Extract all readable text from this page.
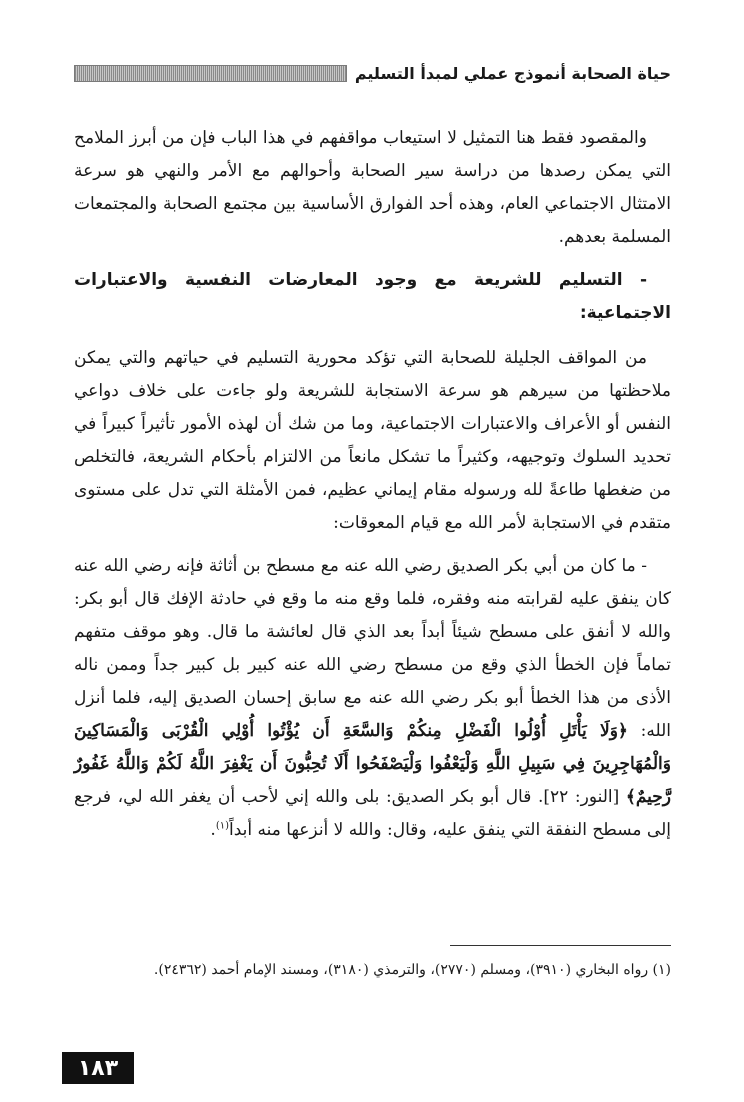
حياة الصحابة أنموذج عملي لمبدأ التسليم

والمقصود فقط هنا التمثيل لا استيعاب مواقفهم في هذا الباب فإن من أبرز الملامح التي يمكن رصدها من دراسة سير الصحابة وأحوالهم مع الأمر والنهي هو سرعة الامتثال الاجتماعي العام، وهذه أحد الفوارق الأساسية بين مجتمع الصحابة والمجتمعات المسلمة بعدهم.

- التسليم للشريعة مع وجود المعارضات النفسية والاعتبارات الاجتماعية:

من المواقف الجليلة للصحابة التي تؤكد محورية التسليم في حياتهم والتي يمكن ملاحظتها من سيرهم هو سرعة الاستجابة للشريعة ولو جاءت على خلاف دواعي النفس أو الأعراف والاعتبارات الاجتماعية، وما من شك أن لهذه الأمور تأثيراً كبيراً في تحديد السلوك وتوجيهه، وكثيراً ما تشكل مانعاً من الالتزام بأحكام الشريعة، فالتخلص من ضغطها طاعةً لله ورسوله مقام إيماني عظيم، فمن الأمثلة التي تدل على مستوى متقدم في الاستجابة لأمر الله مع قيام المعوقات:

- ما كان من أبي بكر الصديق رضي الله عنه مع مسطح بن أثاثة فإنه رضي الله عنه كان ينفق عليه لقرابته منه وفقره، فلما وقع منه ما وقع في حادثة الإفك قال أبو بكر: والله لا أنفق على مسطح شيئاً أبداً بعد الذي قال لعائشة ما قال. وهو موقف متفهم تماماً فإن الخطأ الذي وقع من مسطح رضي الله عنه كبير بل كبير جداً وممن ناله الأذى من هذا الخطأ أبو بكر رضي الله عنه مع سابق إحسان الصديق إليه، فلما أنزل الله: ﴿وَلَا يَأْتَلِ أُوْلُوا الْفَضْلِ مِنكُمْ وَالسَّعَةِ أَن يُؤْتُوا أُوْلِي الْقُرْبَى وَالْمَسَاكِينَ وَالْمُهَاجِرِينَ فِي سَبِيلِ اللَّهِ وَلْيَعْفُوا وَلْيَصْفَحُوا أَلَا تُحِبُّونَ أَن يَغْفِرَ اللَّهُ لَكُمْ وَاللَّهُ غَفُورٌ رَّحِيمٌ﴾ [النور: ٢٢]. قال أبو بكر الصديق: بلى والله إني لأحب أن يغفر الله لي، فرجع إلى مسطح النفقة التي ينفق عليه، وقال: والله لا أنزعها منه أبداً$^{(١)}$.

(١) رواه البخاري (٣٩١٠)، ومسلم (٢٧٧٠)، والترمذي (٣١٨٠)، ومسند الإمام أحمد (٢٤٣٦٢).
١٨٣
